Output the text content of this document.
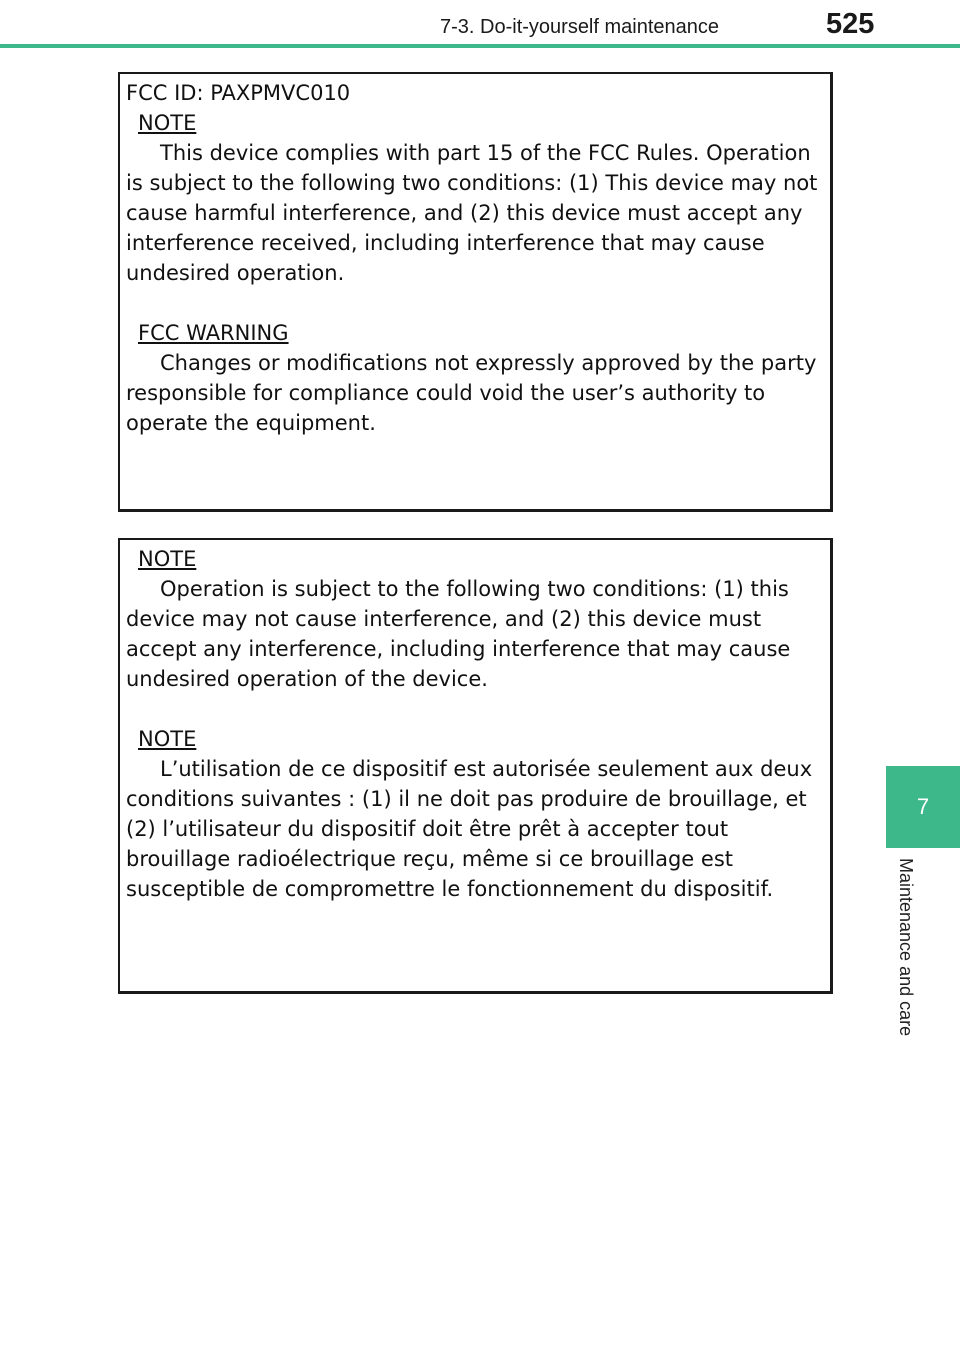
7-3. Do-it-yourself maintenance	525
7
Maintenance and care

FCC ID: PAXPMVC010

NOTE

This device complies with part 15 of the FCC Rules. Operation is subject to the following two conditions: (1) This device may not cause harmful interference, and (2) this device must accept any interference received, including interference that may cause undesired operation.

FCC WARNING

Changes or modifications not expressly approved by the party responsible for compliance could void the user’s authority to operate the equipment.

NOTE

Operation is subject to the following two conditions: (1) this device may not cause interference, and (2) this device must accept any interference, including interference that may cause undesired operation of the device.

NOTE

L’utilisation de ce dispositif est autorisée seulement aux deux conditions suivantes : (1) il ne doit pas produire de brouillage, et (2) l’utilisateur du dispositif doit être prêt à accepter tout brouillage radioélectrique reçu, même si ce brouillage est susceptible de compromettre le fonctionnement du dispositif.
